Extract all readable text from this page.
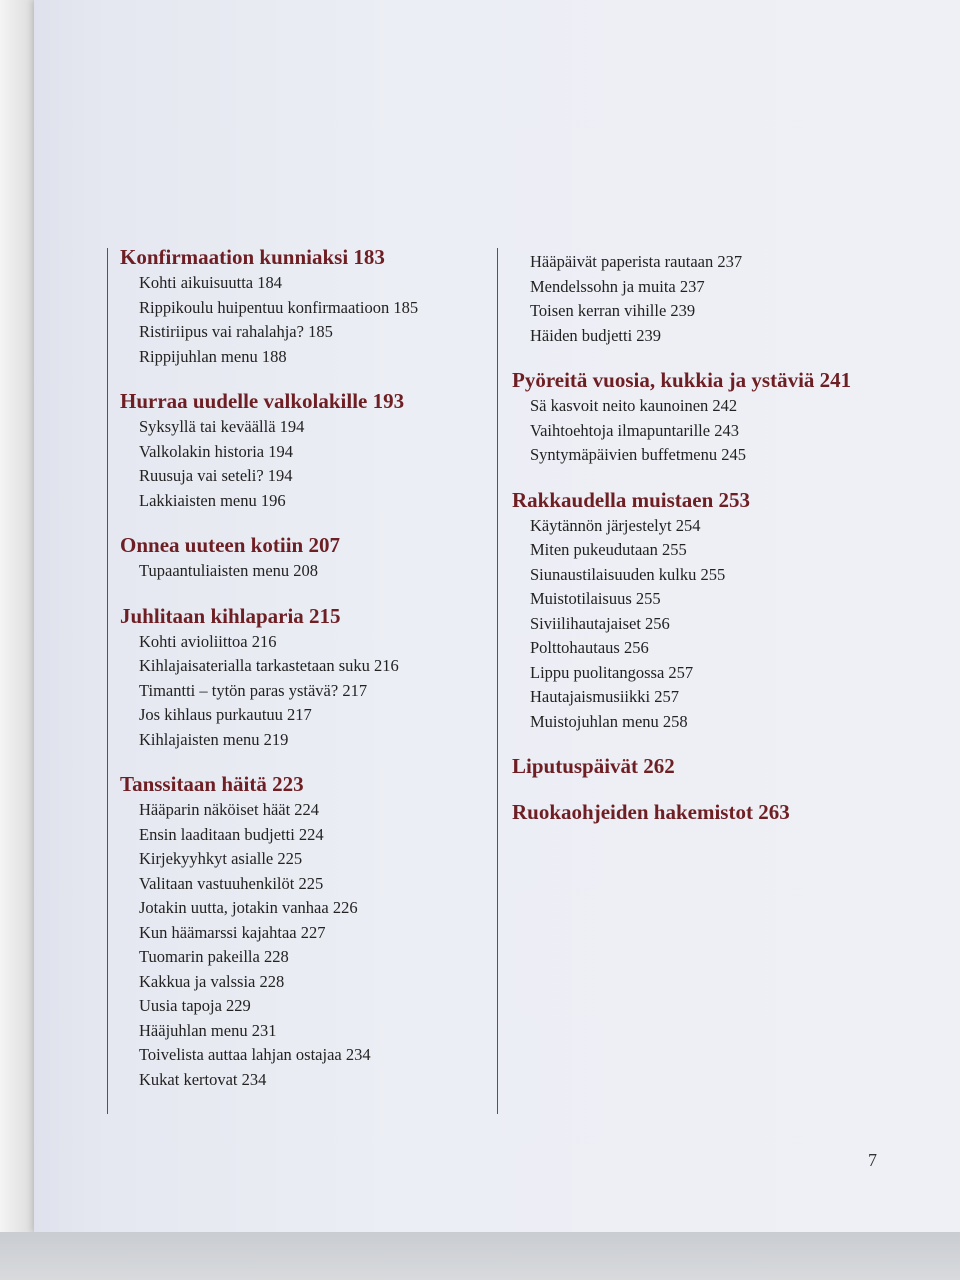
Konfirmaation kunniaksi 183
Kohti aikuisuutta 184
Rippikoulu huipentuu konfirmaatioon 185
Ristiriipus vai rahalahja? 185
Rippijuhlan menu 188
Hurraa uudelle valkolakille 193
Syksyllä tai keväällä 194
Valkolakin historia 194
Ruusuja vai seteli? 194
Lakkiaisten menu 196
Onnea uuteen kotiin 207
Tupaantuliaisten menu 208
Juhlitaan kihlaparia 215
Kohti avioliittoa 216
Kihlajaisaterialla tarkastetaan suku 216
Timantti – tytön paras ystävä? 217
Jos kihlaus purkautuu 217
Kihlajaisten menu 219
Tanssitaan häitä 223
Hääparin näköiset häät 224
Ensin laaditaan budjetti 224
Kirjekyyhkyt asialle 225
Valitaan vastuuhenkilöt 225
Jotakin uutta, jotakin vanhaa 226
Kun häämarssi kajahtaa 227
Tuomarin pakeilla 228
Kakkua ja valssia 228
Uusia tapoja 229
Hääjuhlan menu 231
Toivelista auttaa lahjan ostajaa 234
Kukat kertovat 234
Hääpäivät paperista rautaan 237
Mendelssohn ja muita 237
Toisen kerran vihille 239
Häiden budjetti 239
Pyöreitä vuosia, kukkia ja ystäviä 241
Sä kasvoit neito kaunoinen 242
Vaihtoehtoja ilmapuntarille 243
Syntymäpäivien buffetmenu 245
Rakkaudella muistaen 253
Käytännön järjestelyt 254
Miten pukeudutaan 255
Siunaustilaisuuden kulku 255
Muistotilaisuus 255
Siviilihautajaiset 256
Polttohautaus 256
Lippu puolitangossa 257
Hautajaismusiikki 257
Muistojuhlan menu 258
Liputuspäivät 262
Ruokaohjeiden hakemistot 263
7
